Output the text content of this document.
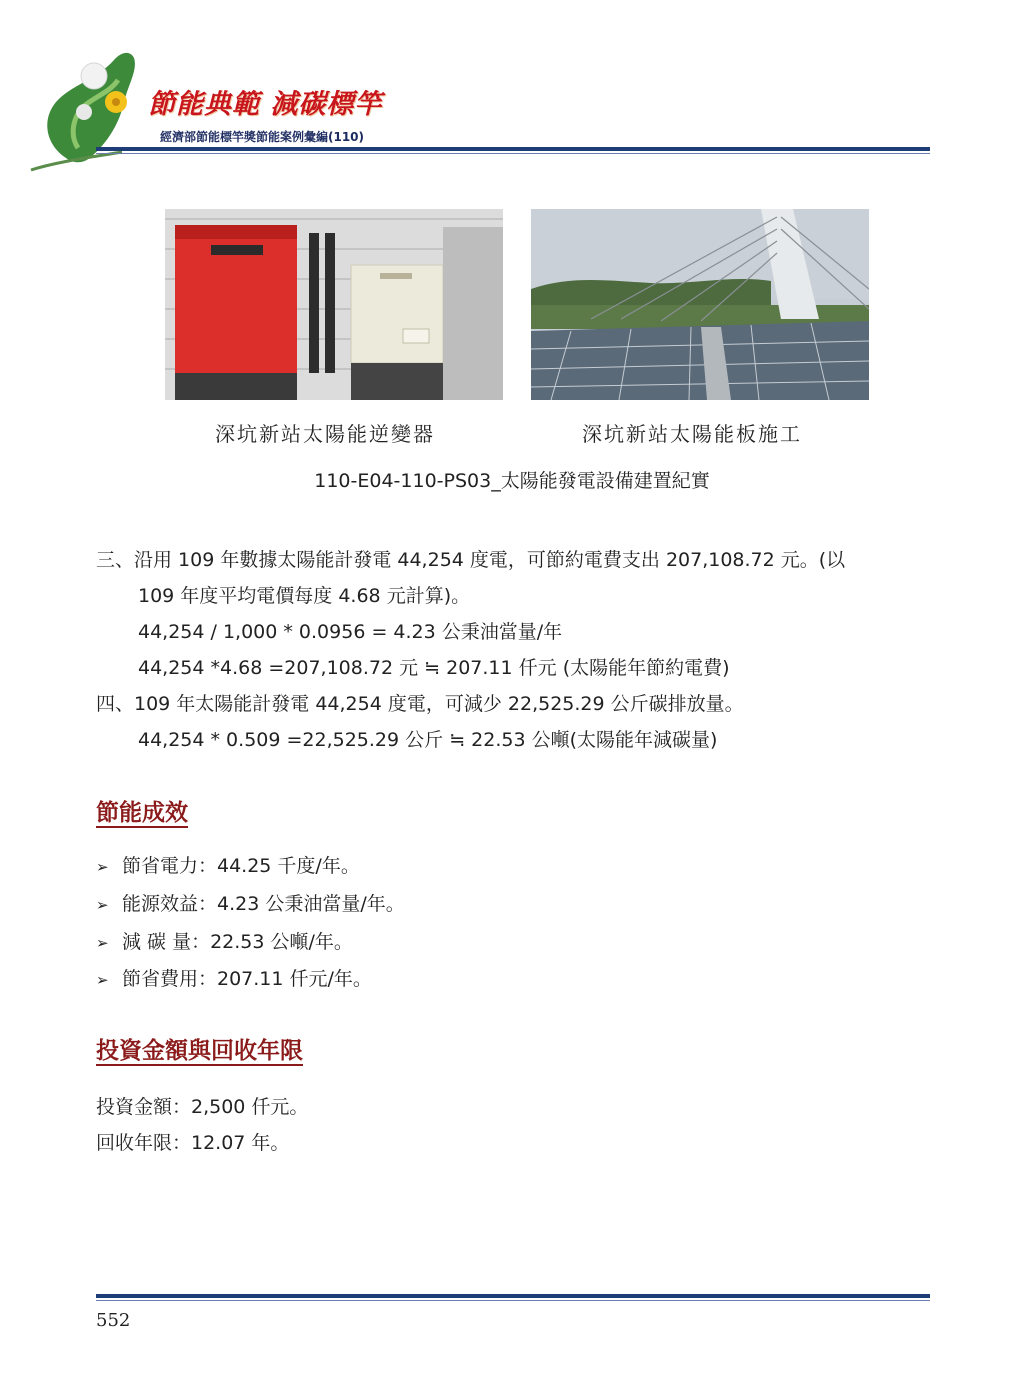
節能典範 減碳標竿
經濟部節能標竿獎節能案例彙編(110)
深坑新站太陽能逆變器	深坑新站太陽能板施工
110-E04-110-PS03_太陽能發電設備建置紀實
三、沿用 109 年數據太陽能計發電 44,254 度電，可節約電費支出 207,108.72 元。(以
109 年度平均電價每度 4.68 元計算)。
44,254 / 1,000 * 0.0956 = 4.23 公秉油當量/年
44,254 *4.68 =207,108.72 元 ≒ 207.11 仟元 (太陽能年節約電費)
四、109 年太陽能計發電 44,254 度電，可減少 22,525.29 公斤碳排放量。
44,254 * 0.509 =22,525.29 公斤 ≒ 22.53 公噸(太陽能年減碳量)
節能成效
➢ 節省電力：44.25 千度/年。
➢ 能源效益：4.23 公秉油當量/年。
➢ 減 碳 量：22.53 公噸/年。
➢ 節省費用：207.11 仟元/年。
投資金額與回收年限
投資金額：2,500 仟元。
回收年限：12.07 年。
552
